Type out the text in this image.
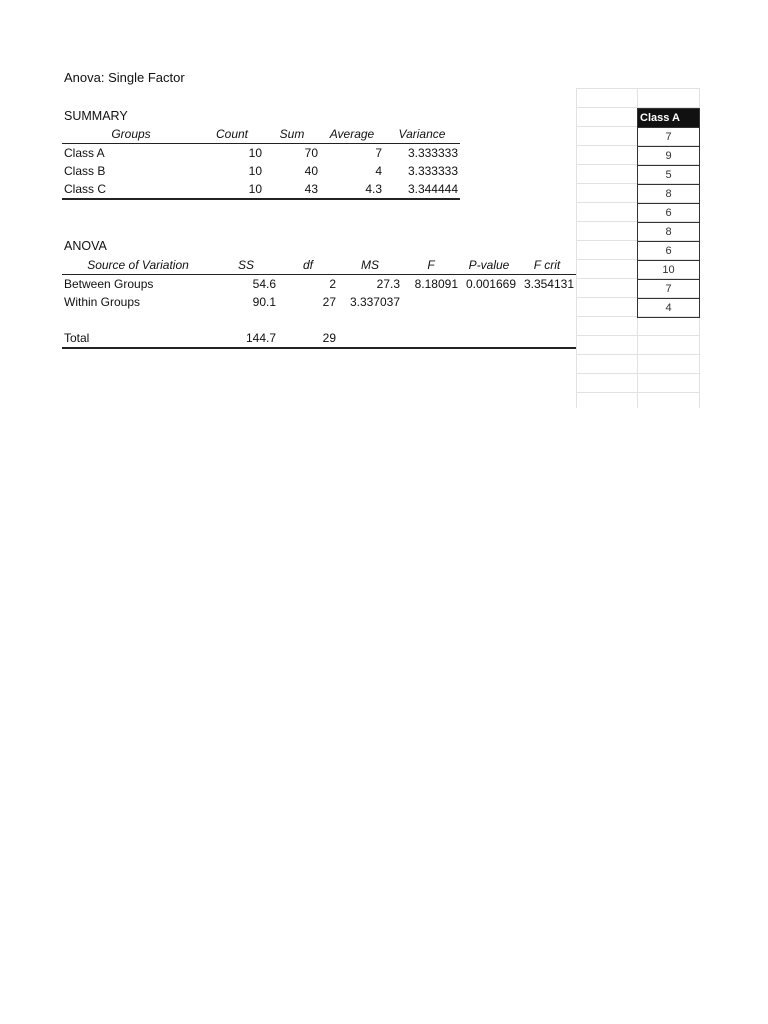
Anova: Single Factor
SUMMARY
Groups	Count	Sum	Average	Variance
Class A	10	70	7	3.333333
Class B	10	40	4	3.333333
Class C	10	43	4.3	3.344444
ANOVA
Source of Variation	SS	df	MS	F	P-value	F crit
Between Groups	54.6	2	27.3	8.18091	0.001669	3.354131
Within Groups	90.1	27	3.337037			

Total	144.7	29				
Class A
7
9
5
8
6
8
6
10
7
4
